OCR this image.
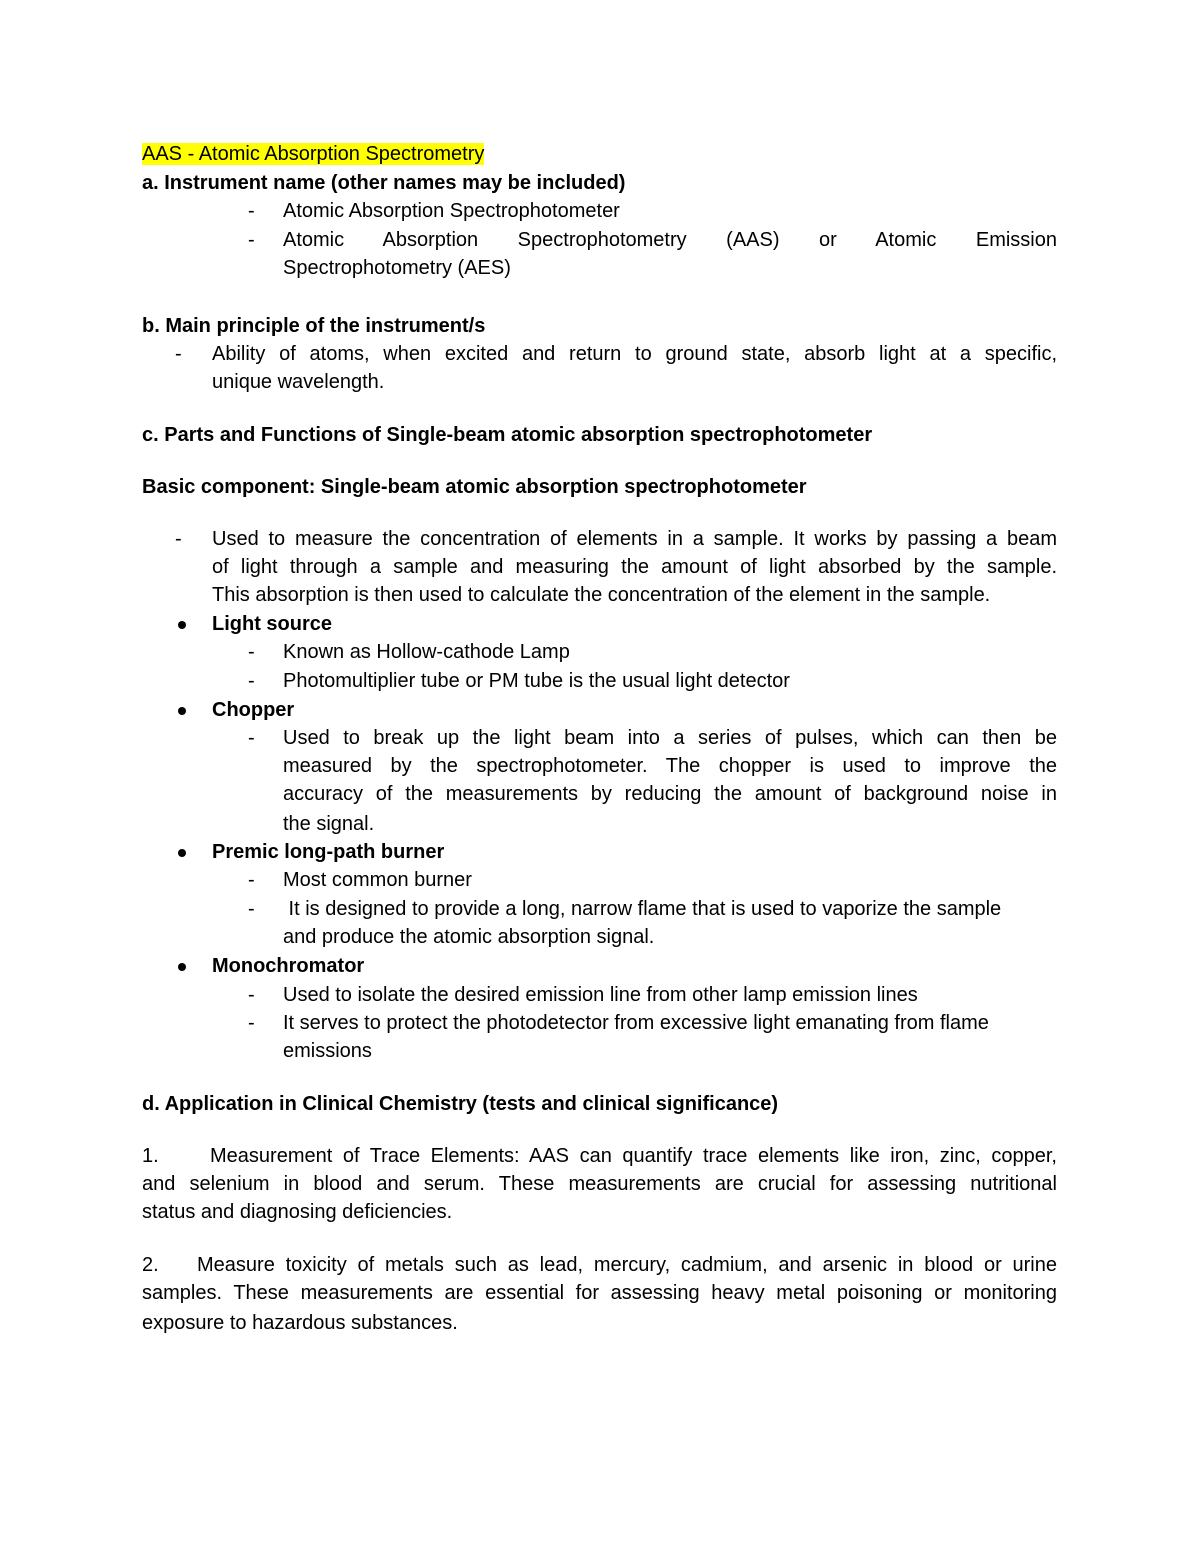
AAS - Atomic Absorption Spectrometry
a. Instrument name (other names may be included)
- Atomic Absorption Spectrophotometer
- Atomic Absorption Spectrophotometry (AAS) or Atomic Emission
Spectrophotometry (AES)
b. Main principle of the instrument/s
- Ability of atoms, when excited and return to ground state, absorb light at a specific,
unique wavelength.
c. Parts and Functions of Single-beam atomic absorption spectrophotometer
Basic component: Single-beam atomic absorption spectrophotometer
- Used to measure the concentration of elements in a sample. It works by passing a beam
of light through a sample and measuring the amount of light absorbed by the sample.
This absorption is then used to calculate the concentration of the element in the sample.
Light source
- Known as Hollow-cathode Lamp
- Photomultiplier tube or PM tube is the usual light detector
Chopper
- Used to break up the light beam into a series of pulses, which can then be
measured by the spectrophotometer. The chopper is used to improve the
accuracy of the measurements by reducing the amount of background noise in
the signal.
Premic long-path burner
- Most common burner
- It is designed to provide a long, narrow flame that is used to vaporize the sample
and produce the atomic absorption signal.
Monochromator
- Used to isolate the desired emission line from other lamp emission lines
- It serves to protect the photodetector from excessive light emanating from flame
emissions
d. Application in Clinical Chemistry (tests and clinical significance)
1.	Measurement of Trace Elements: AAS can quantify trace elements like iron, zinc, copper,
and selenium in blood and serum. These measurements are crucial for assessing nutritional
status and diagnosing deficiencies.
2. Measure toxicity of metals such as lead, mercury, cadmium, and arsenic in blood or urine
samples. These measurements are essential for assessing heavy metal poisoning or monitoring
exposure to hazardous substances.
